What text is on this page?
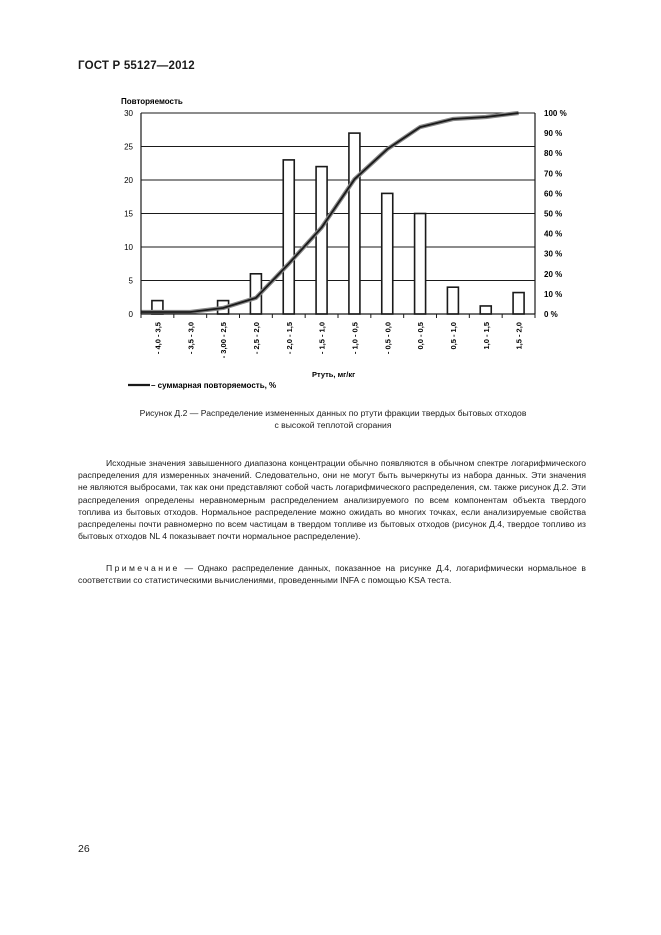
ГОСТ Р 55127—2012
Повторяемость
0
5
10
15
20
25
30
0 %
10 %
20 %
30 %
40 %
50 %
60 %
70 %
80 %
90 %
100 %
- 4,0 - 3,5	- 3,5 - 3,0	- 3,00 - 2,5	- 2,5 - 2,0	- 2,0 - 1,5	- 1,5 - 1,0	- 1,0 - 0,5	- 0,5 - 0,0	0,0 - 0,5	0,5 - 1,0	1,0 - 1,5	1,5 - 2,0
Ртуть, мг/кг
– суммарная повторяемость, %
Рисунок Д.2 — Распределение измененных данных по ртути фракции твердых бытовых отходов
с высокой теплотой сгорания
Исходные значения завышенного диапазона концентрации обычно появляются в обычном спектре логарифмического распределения для измеренных значений. Следовательно, они не могут быть вычеркнуты из набора данных. Эти значения не являются выбросами, так как они представляют собой часть логарифмического распределения, см. также рисунок Д.2. Эти распределения определены неравномерным распределением анализируемого по всем компонентам объекта твердого топлива из бытовых отходов. Нормальное распределение можно ожидать во многих точках, если анализируемые свойства распределены почти равномерно по всем частицам в твердом топливе из бытовых отходов (рисунок Д.4, твердое топливо из бытовых отходов NL 4 показывает почти нормальное распределение).
Примечание — Однако распределение данных, показанное на рисунке Д.4, логарифмически нормальное в соответствии со статистическими вычислениями, проведенными INFA с помощью KSA теста.
26
